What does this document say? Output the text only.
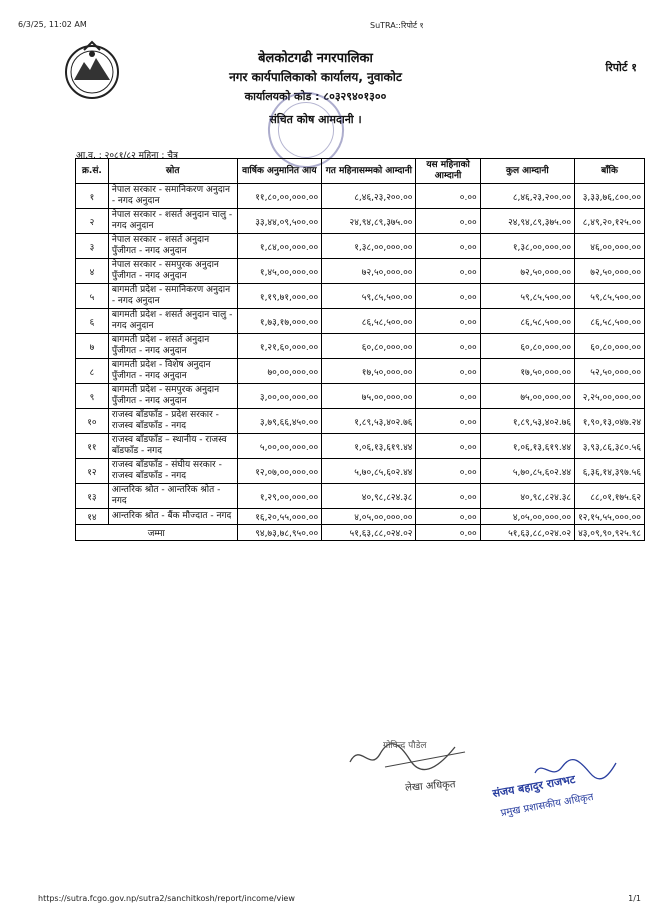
6/3/25, 11:02 AM	SuTRA::रिपोर्ट १
बेलकोटगढी नगरपालिका
नगर कार्यपालिकाको कार्यालय, नुवाकोट
कार्यालयको कोड : ८०३२९४०१३००
संचित कोष आमदानी ।
रिपोर्ट १
आ.व. : २०८१/८२ महिना : चैत्र
क्र.सं.	स्रोत	वार्षिक अनुमानित आय	गत महिनासम्मको आम्दानी	यस महिनाको आम्दानी	कुल आम्दानी	बाँकि
१	नेपाल सरकार - समानिकरण अनुदान - नगद अनुदान	११,८०,००,०००.००	८,४६,२३,२००.००	०.००	८,४६,२३,२००.००	३,३३,७६,८००.००
२	नेपाल सरकार - शसर्त अनुदान चालु - नगद अनुदान	३३,४४,०९,५००.००	२४,९४,८९,३७५.००	०.००	२४,९४,८९,३७५.००	८,४९,२०,१२५.००
३	नेपाल सरकार - शसर्त अनुदान पुँजीगत - नगद अनुदान	१,८४,००,०००.००	१,३८,००,०००.००	०.००	१,३८,००,०००.००	४६,००,०००.००
४	नेपाल सरकार - समपुरक अनुदान पुँजीगत - नगद अनुदान	१,४५,००,०००.००	७२,५०,०००.००	०.००	७२,५०,०००.००	७२,५०,०००.००
५	बागमती प्रदेश - समानिकरण अनुदान - नगद अनुदान	१,१९,७१,०००.००	५९,८५,५००.००	०.००	५९,८५,५००.००	५९,८५,५००.००
६	बागमती प्रदेश - शसर्त अनुदान चालु - नगद अनुदान	१,७३,१७,०००.००	८६,५८,५००.००	०.००	८६,५८,५००.००	८६,५८,५००.००
७	बागमती प्रदेश - शसर्त अनुदान पुँजीगत - नगद अनुदान	१,२१,६०,०००.००	६०,८०,०००.००	०.००	६०,८०,०००.००	६०,८०,०००.००
८	बागमती प्रदेश - विशेष अनुदान पुँजीगत - नगद अनुदान	७०,००,०००.००	१७,५०,०००.००	०.००	१७,५०,०००.००	५२,५०,०००.००
९	बागमती प्रदेश - समपुरक अनुदान पुँजीगत - नगद अनुदान	३,००,००,०००.००	७५,००,०००.००	०.००	७५,००,०००.००	२,२५,००,०००.००
१०	राजस्व बाँडफाँड - प्रदेश सरकार - राजस्व बाँडफाँड - नगद	३,७९,६६,४५०.००	१,८९,५३,४०२.७६	०.००	१,८९,५३,४०२.७६	१,९०,१३,०४७.२४
११	राजस्व बाँडफाँड – स्थानीय - राजस्व बाँडफाँड - नगद	५,००,००,०००.००	१,०६,१३,६१९.४४	०.००	१,०६,१३,६१९.४४	३,९३,८६,३८०.५६
१२	राजस्व बाँडफाँड - संघीय सरकार - राजस्व बाँडफाँड - नगद	१२,०७,००,०००.००	५,७०,८५,६०२.४४	०.००	५,७०,८५,६०२.४४	६,३६,१४,३९७.५६
१३	आन्तरिक श्रोत - आन्तरिक श्रोत - नगद	१,२९,००,०००.००	४०,९८,८२४.३८	०.००	४०,९८,८२४.३८	८८,०१,१७५.६२
१४	आन्तरिक श्रोत - बैंक मौज्दात - नगद	१६,२०,५५,०००.००	४,०५,००,०००.००	०.००	४,०५,००,०००.००	१२,१५,५५,०००.००
जम्मा		९४,७३,७८,९५०.००	५१,६३,८८,०२४.०२	०.००	५१,६३,८८,०२४.०२	४३,०९,९०,९२५.९८
गोविन्द पौडेल
लेखा अधिकृत	संजय बहादुर राजभट
प्रमुख प्रशासकीय अधिकृत
https://sutra.fcgo.gov.np/sutra2/sanchitkosh/report/income/view	1/1
